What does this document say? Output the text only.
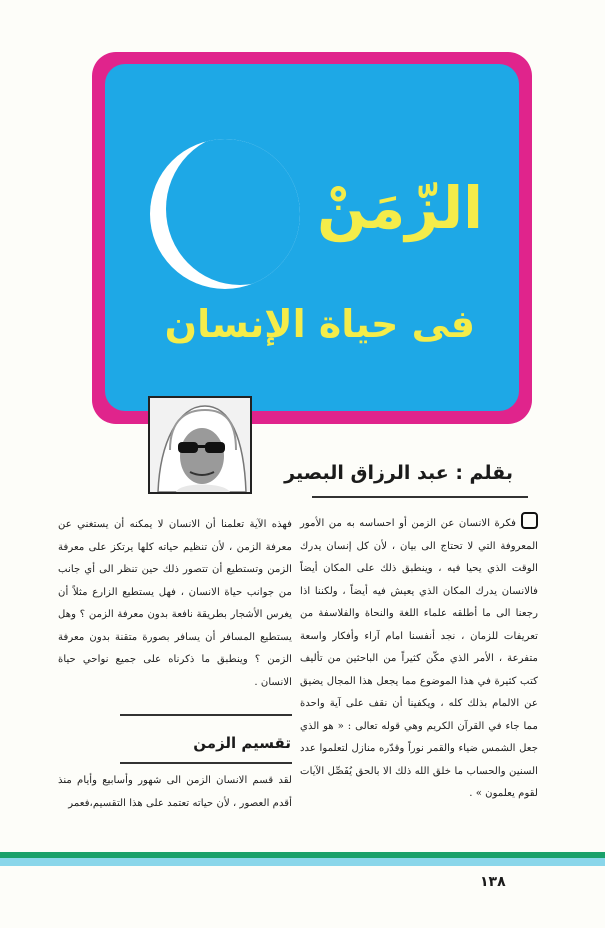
الزّمَنْ
فى حياة الإنسان

بقلم : عبد الرزاق البصير

فكرة الانسان عن الزمن أو احساسه به من الأمور المعروفة التي لا تحتاج الى بيان ، لأن كل إنسان يدرك الوقت الذي يحيا فيه ، وينطبق ذلك على المكان أيضاً فالانسان يدرك المكان الذي يعيش فيه أيضاً ، ولكننا اذا رجعنا الى ما أطلقه علماء اللغة والنحاة والفلاسفة من تعريفات للزمان ، نجد أنفسنا امام آراء وأفكار واسعة متفرعة ، الأمر الذي مكّن كثيراً من الباحثين من تأليف كتب كثيرة في هذا الموضوع مما يجعل هذا المجال يضيق عن الالمام بذلك كله ، ويكفينا أن نقف على آية واحدة مما جاء في القرآن الكريم وهي قوله تعالى : « هو الذي جعل الشمس ضياء والقمر نوراً وقدّره منازل لتعلموا عدد السنين والحساب ما خلق الله ذلك الا بالحق يُفَصِّل الآيات لقوم يعلمون » .

فهذه الآية تعلمنا أن الانسان لا يمكنه أن يستغني عن معرفة الزمن ، لأن تنظيم حياته كلها يرتكز على معرفة الزمن وتستطيع أن تتصور ذلك حين تنظر الى أي جانب من جوانب حياة الانسان ، فهل يستطيع الزارع مثلاً أن يغرس الأشجار بطريقة نافعة بدون معرفة الزمن ؟ وهل يستطيع المسافر أن يسافر بصورة متقنة بدون معرفة الزمن ؟ وينطبق ما ذكرناه على جميع نواحي حياة الانسان .

تقسيم الزمن

لقد قسم الانسان الزمن الى شهور وأسابيع وأيام منذ أقدم العصور ، لأن حياته تعتمد على هذا التقسيم،فعمر

١٣٨
